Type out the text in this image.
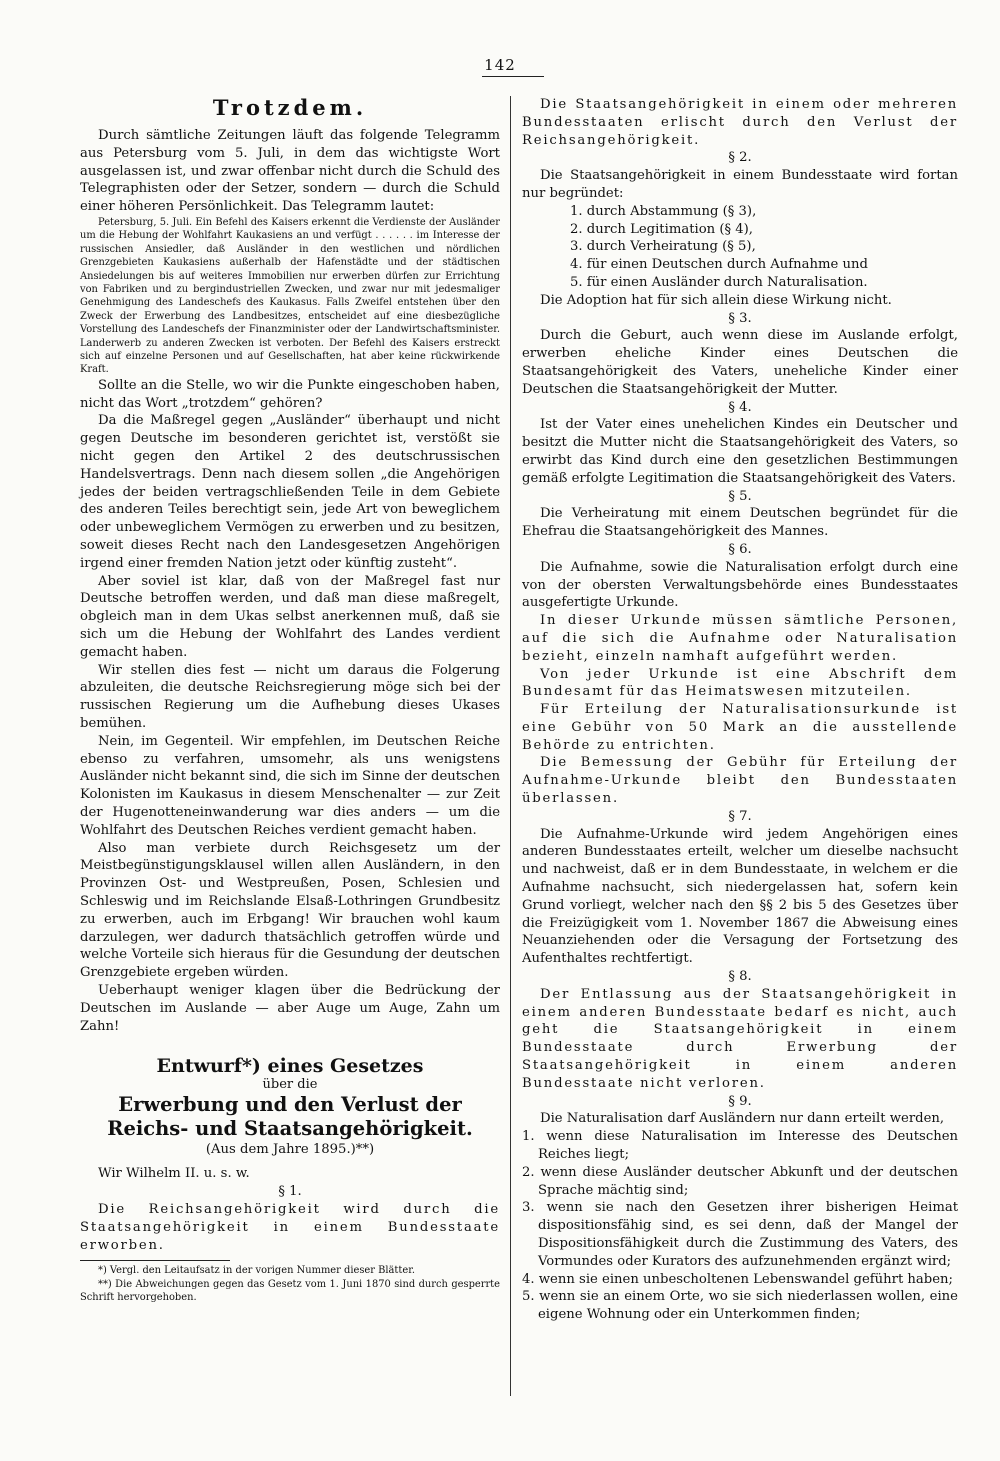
142
Trotzdem.

Durch sämtliche Zeitungen läuft das folgende Telegramm aus Petersburg vom 5. Juli, in dem das wichtigste Wort ausgelassen ist, und zwar offenbar nicht durch die Schuld des Telegraphisten oder der Setzer, sondern — durch die Schuld einer höheren Persönlichkeit. Das Telegramm lautet:

Petersburg, 5. Juli. Ein Befehl des Kaisers erkennt die Verdienste der Ausländer um die Hebung der Wohlfahrt Kaukasiens an und verfügt . . . . . . im Interesse der russischen Ansiedler, daß Ausländer in den westlichen und nördlichen Grenzgebieten Kaukasiens außerhalb der Hafenstädte und der städtischen Ansiedelungen bis auf weiteres Immobilien nur erwerben dürfen zur Errichtung von Fabriken und zu bergindustriellen Zwecken, und zwar nur mit jedesmaliger Genehmigung des Landeschefs des Kaukasus. Falls Zweifel entstehen über den Zweck der Erwerbung des Landbesitzes, entscheidet auf eine diesbezügliche Vorstellung des Landeschefs der Finanzminister oder der Landwirtschaftsminister. Landerwerb zu anderen Zwecken ist verboten. Der Befehl des Kaisers erstreckt sich auf einzelne Personen und auf Gesellschaften, hat aber keine rückwirkende Kraft.

Sollte an die Stelle, wo wir die Punkte eingeschoben haben, nicht das Wort „trotzdem“ gehören?

Da die Maßregel gegen „Ausländer“ überhaupt und nicht gegen Deutsche im besonderen gerichtet ist, verstößt sie nicht gegen den Artikel 2 des deutschrussischen Handelsvertrags. Denn nach diesem sollen „die Angehörigen jedes der beiden vertragschließenden Teile in dem Gebiete des anderen Teiles berechtigt sein, jede Art von beweglichem oder unbeweglichem Vermögen zu erwerben und zu besitzen, soweit dieses Recht nach den Landesgesetzen Angehörigen irgend einer fremden Nation jetzt oder künftig zusteht“.

Aber soviel ist klar, daß von der Maßregel fast nur Deutsche betroffen werden, und daß man diese maßregelt, obgleich man in dem Ukas selbst anerkennen muß, daß sie sich um die Hebung der Wohlfahrt des Landes verdient gemacht haben.

Wir stellen dies fest — nicht um daraus die Folgerung abzuleiten, die deutsche Reichsregierung möge sich bei der russischen Regierung um die Aufhebung dieses Ukases bemühen.

Nein, im Gegenteil. Wir empfehlen, im Deutschen Reiche ebenso zu verfahren, umsomehr, als uns wenigstens Ausländer nicht bekannt sind, die sich im Sinne der deutschen Kolonisten im Kaukasus in diesem Menschenalter — zur Zeit der Hugenotteneinwanderung war dies anders — um die Wohlfahrt des Deutschen Reiches verdient gemacht haben.

Also man verbiete durch Reichsgesetz um der Meistbegünstigungsklausel willen allen Ausländern, in den Provinzen Ost- und Westpreußen, Posen, Schlesien und Schleswig und im Reichslande Elsaß-Lothringen Grundbesitz zu erwerben, auch im Erbgang! Wir brauchen wohl kaum darzulegen, wer dadurch thatsächlich getroffen würde und welche Vorteile sich hieraus für die Gesundung der deutschen Grenzgebiete ergeben würden.

Ueberhaupt weniger klagen über die Bedrückung der Deutschen im Auslande — aber Auge um Auge, Zahn um Zahn!

Entwurf*) eines Gesetzes
über die
Erwerbung und den Verlust der Reichs- und Staatsangehörigkeit.
(Aus dem Jahre 1895.)**)

Wir Wilhelm II. u. s. w.

§ 1.

Die Reichsangehörigkeit wird durch die Staatsangehörigkeit in einem Bundesstaate erworben.

*) Vergl. den Leitaufsatz in der vorigen Nummer dieser Blätter.

**) Die Abweichungen gegen das Gesetz vom 1. Juni 1870 sind durch gesperrte Schrift hervorgehoben.

Die Staatsangehörigkeit in einem oder mehreren Bundesstaaten erlischt durch den Verlust der Reichsangehörigkeit.

§ 2.

Die Staatsangehörigkeit in einem Bundesstaate wird fortan nur begründet:

1. durch Abstammung (§ 3),
2. durch Legitimation (§ 4),
3. durch Verheiratung (§ 5),
4. für einen Deutschen durch Aufnahme und
5. für einen Ausländer durch Naturalisation.

Die Adoption hat für sich allein diese Wirkung nicht.

§ 3.

Durch die Geburt, auch wenn diese im Auslande erfolgt, erwerben eheliche Kinder eines Deutschen die Staatsangehörigkeit des Vaters, uneheliche Kinder einer Deutschen die Staatsangehörigkeit der Mutter.

§ 4.

Ist der Vater eines unehelichen Kindes ein Deutscher und besitzt die Mutter nicht die Staatsangehörigkeit des Vaters, so erwirbt das Kind durch eine den gesetzlichen Bestimmungen gemäß erfolgte Legitimation die Staatsangehörigkeit des Vaters.

§ 5.

Die Verheiratung mit einem Deutschen begründet für die Ehefrau die Staatsangehörigkeit des Mannes.

§ 6.

Die Aufnahme, sowie die Naturalisation erfolgt durch eine von der obersten Verwaltungsbehörde eines Bundesstaates ausgefertigte Urkunde.

In dieser Urkunde müssen sämtliche Personen, auf die sich die Aufnahme oder Naturalisation bezieht, einzeln namhaft aufgeführt werden.

Von jeder Urkunde ist eine Abschrift dem Bundesamt für das Heimatswesen mitzuteilen.

Für Erteilung der Naturalisationsurkunde ist eine Gebühr von 50 Mark an die ausstellende Behörde zu entrichten.

Die Bemessung der Gebühr für Erteilung der Aufnahme-Urkunde bleibt den Bundesstaaten überlassen.

§ 7.

Die Aufnahme-Urkunde wird jedem Angehörigen eines anderen Bundesstaates erteilt, welcher um dieselbe nachsucht und nachweist, daß er in dem Bundesstaate, in welchem er die Aufnahme nachsucht, sich niedergelassen hat, sofern kein Grund vorliegt, welcher nach den §§ 2 bis 5 des Gesetzes über die Freizügigkeit vom 1. November 1867 die Abweisung eines Neuanziehenden oder die Versagung der Fortsetzung des Aufenthaltes rechtfertigt.

§ 8.

Der Entlassung aus der Staatsangehörigkeit in einem anderen Bundesstaate bedarf es nicht, auch geht die Staatsangehörigkeit in einem Bundesstaate durch Erwerbung der Staatsangehörigkeit in einem anderen Bundesstaate nicht verloren.

§ 9.

Die Naturalisation darf Ausländern nur dann erteilt werden,

1. wenn diese Naturalisation im Interesse des Deutschen Reiches liegt;
2. wenn diese Ausländer deutscher Abkunft und der deutschen Sprache mächtig sind;
3. wenn sie nach den Gesetzen ihrer bisherigen Heimat dispositionsfähig sind, es sei denn, daß der Mangel der Dispositionsfähigkeit durch die Zustimmung des Vaters, des Vormundes oder Kurators des aufzunehmenden ergänzt wird;
4. wenn sie einen unbescholtenen Lebenswandel geführt haben;
5. wenn sie an einem Orte, wo sie sich niederlassen wollen, eine eigene Wohnung oder ein Unterkommen finden;
